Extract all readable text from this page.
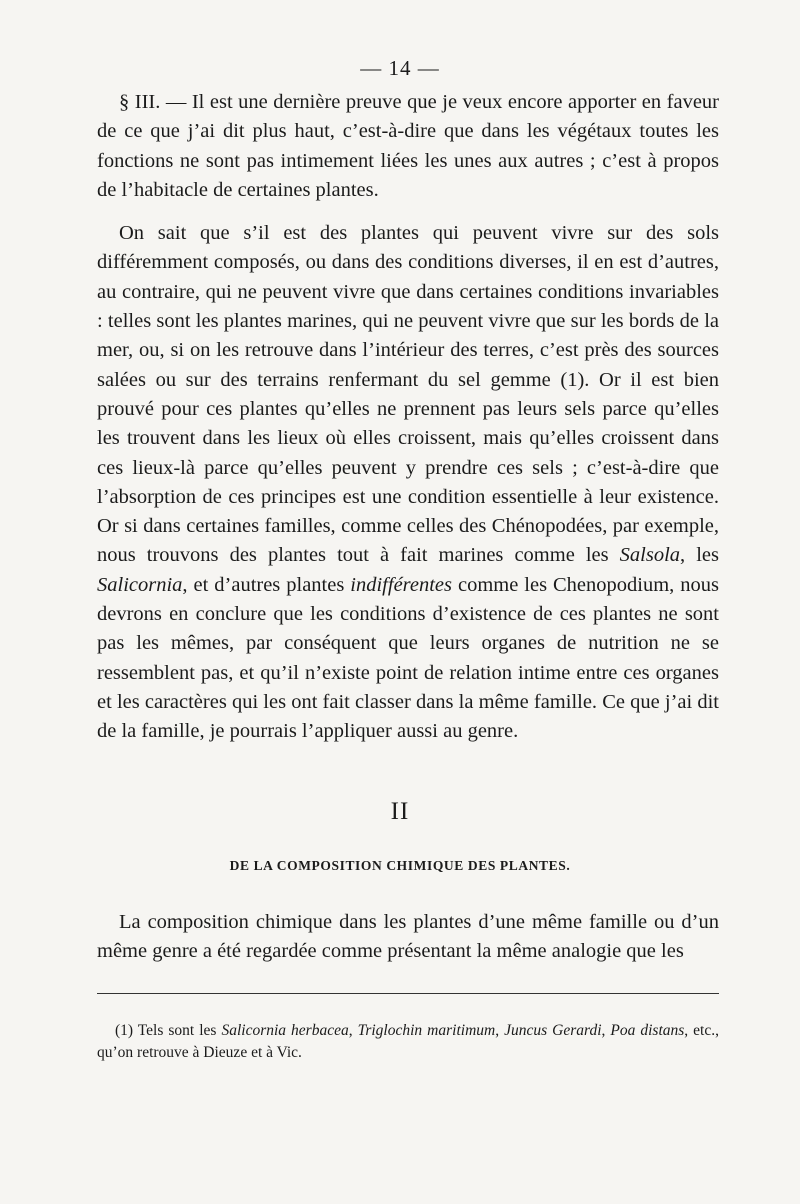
— 14 —

§ III. — Il est une dernière preuve que je veux encore apporter en faveur de ce que j’ai dit plus haut, c’est-à-dire que dans les végétaux toutes les fonctions ne sont pas intimement liées les unes aux autres ; c’est à propos de l’habitacle de certaines plantes.

On sait que s’il est des plantes qui peuvent vivre sur des sols différemment composés, ou dans des conditions diverses, il en est d’autres, au contraire, qui ne peuvent vivre que dans certaines conditions invariables : telles sont les plantes marines, qui ne peuvent vivre que sur les bords de la mer, ou, si on les retrouve dans l’intérieur des terres, c’est près des sources salées ou sur des terrains renfermant du sel gemme (1). Or il est bien prouvé pour ces plantes qu’elles ne prennent pas leurs sels parce qu’elles les trouvent dans les lieux où elles croissent, mais qu’elles croissent dans ces lieux-là parce qu’elles peuvent y prendre ces sels ; c’est-à-dire que l’absorption de ces principes est une condition essentielle à leur existence. Or si dans certaines familles, comme celles des Chénopodées, par exemple, nous trouvons des plantes tout à fait marines comme les Salsola, les Salicornia, et d’autres plantes indifférentes comme les Chenopodium, nous devrons en conclure que les conditions d’existence de ces plantes ne sont pas les mêmes, par conséquent que leurs organes de nutrition ne se ressemblent pas, et qu’il n’existe point de relation intime entre ces organes et les caractères qui les ont fait classer dans la même famille. Ce que j’ai dit de la famille, je pourrais l’appliquer aussi au genre.

II
DE LA COMPOSITION CHIMIQUE DES PLANTES.

La composition chimique dans les plantes d’une même famille ou d’un même genre a été regardée comme présentant la même analogie que les

(1) Tels sont les Salicornia herbacea, Triglochin maritimum, Juncus Gerardi, Poa distans, etc., qu’on retrouve à Dieuze et à Vic.
